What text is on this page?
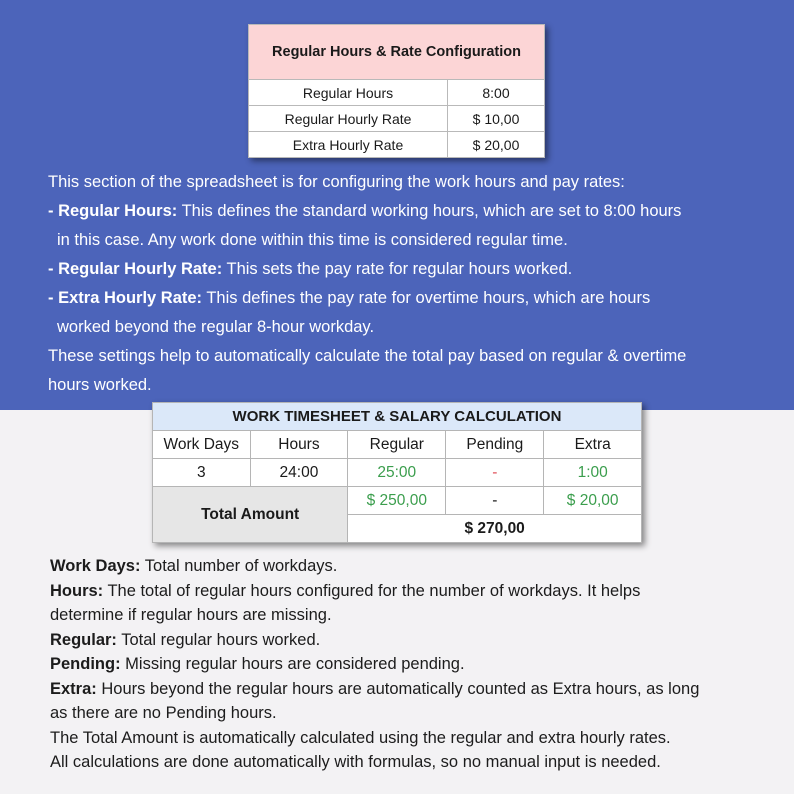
Regular Hours & Rate Configuration	
Regular Hours	8:00
Regular Hourly Rate	$ 10,00
Extra Hourly Rate	$ 20,00

This section of the spreadsheet is for configuring the work hours and pay rates:

- Regular Hours: This defines the standard working hours, which are set to 8:00 hours

in this case. Any work done within this time is considered regular time.

- Regular Hourly Rate: This sets the pay rate for regular hours worked.

- Extra Hourly Rate: This defines the pay rate for overtime hours, which are hours

worked beyond the regular 8-hour workday.

These settings help to automatically calculate the total pay based on regular & overtime

hours worked.

WORK TIMESHEET & SALARY CALCULATION				
Work Days	Hours	Regular	Pending	Extra
3	24:00	25:00	-	1:00
Total Amount		$ 250,00	-	$ 20,00
		$ 270,00		

Work Days: Total number of workdays.

Hours: The total of regular hours configured for the number of workdays. It helps

determine if regular hours are missing.

Regular: Total regular hours worked.

Pending: Missing regular hours are considered pending.

Extra: Hours beyond the regular hours are automatically counted as Extra hours, as long

as there are no Pending hours.

The Total Amount is automatically calculated using the regular and extra hourly rates.

All calculations are done automatically with formulas, so no manual input is needed.
